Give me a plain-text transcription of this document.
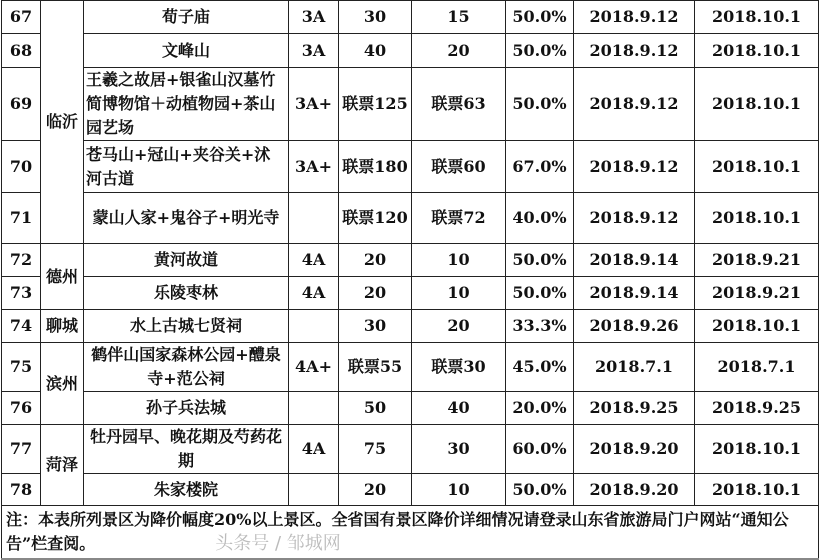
67	临沂	荀子庙	3A	30	15	50.0%	2018.9.12	2018.10.1
68		文峰山	3A	40	20	50.0%	2018.9.12	2018.10.1
69		王羲之故居+银雀山汉墓竹简博物馆＋动植物园+茶山园艺场	3A+	联票125	联票63	50.0%	2018.9.12	2018.10.1
70		苍马山+冠山+夹谷关+沭河古道	3A+	联票180	联票60	67.0%	2018.9.12	2018.10.1
71		蒙山人家+鬼谷子+明光寺		联票120	联票72	40.0%	2018.9.12	2018.10.1
72	德州	黄河故道	4A	20	10	50.0%	2018.9.14	2018.9.21
73		乐陵枣林	4A	20	10	50.0%	2018.9.14	2018.9.21
74	聊城	水上古城七贤祠		30	20	33.3%	2018.9.26	2018.10.1
75	滨州	鹤伴山国家森林公园+醴泉寺+范公祠	4A+	联票55	联票30	45.0%	2018.7.1	2018.7.1
76		孙子兵法城		50	40	20.0%	2018.9.25	2018.9.25
77	菏泽	牡丹园早、晚花期及芍药花期	4A	75	30	60.0%	2018.9.20	2018.10.1
78		朱家楼院		20	10	50.0%	2018.9.20	2018.10.1
注：本表所列景区为降价幅度20%以上景区。全省国有景区降价详细情况请登录山东省旅游局门户网站“通知公告”栏查阅。 头条号 / 邹城网								
